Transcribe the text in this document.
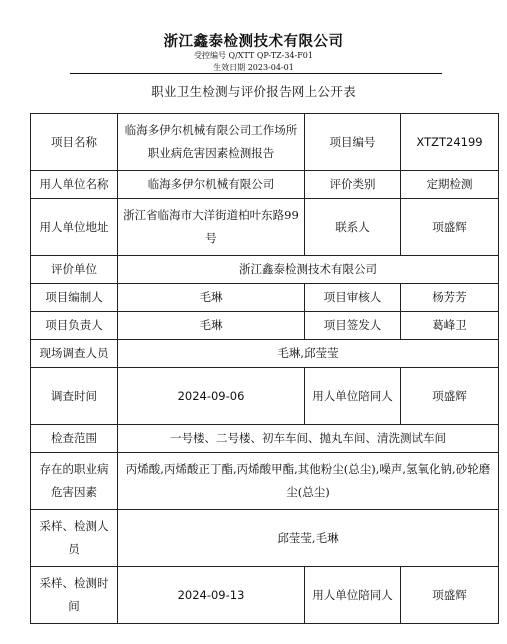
浙江鑫泰检测技术有限公司
受控编号 Q/XTT QP-TZ-34-F01
生效日期 2023-04-01
职业卫生检测与评价报告网上公开表
项目名称	临海多伊尔机械有限公司工作场所职业病危害因素检测报告	项目编号	XTZT24199
用人单位名称	临海多伊尔机械有限公司	评价类别	定期检测
用人单位地址	浙江省临海市大洋街道柏叶东路99号	联系人	项盛辉
评价单位	浙江鑫泰检测技术有限公司		
项目编制人	毛琳	项目审核人	杨芳芳
项目负责人	毛琳	项目签发人	葛峰卫
现场调查人员	毛琳,邱莹莹		
调查时间	2024-09-06	用人单位陪同人	项盛辉
检查范围	一号楼、二号楼、初车车间、抛丸车间、清洗测试车间		
存在的职业病危害因素	丙烯酸,丙烯酸正丁酯,丙烯酸甲酯,其他粉尘(总尘),噪声,氢氧化钠,砂轮磨尘(总尘)		
采样、检测人员	邱莹莹,毛琳		
采样、检测时间	2024-09-13	用人单位陪同人	项盛辉
